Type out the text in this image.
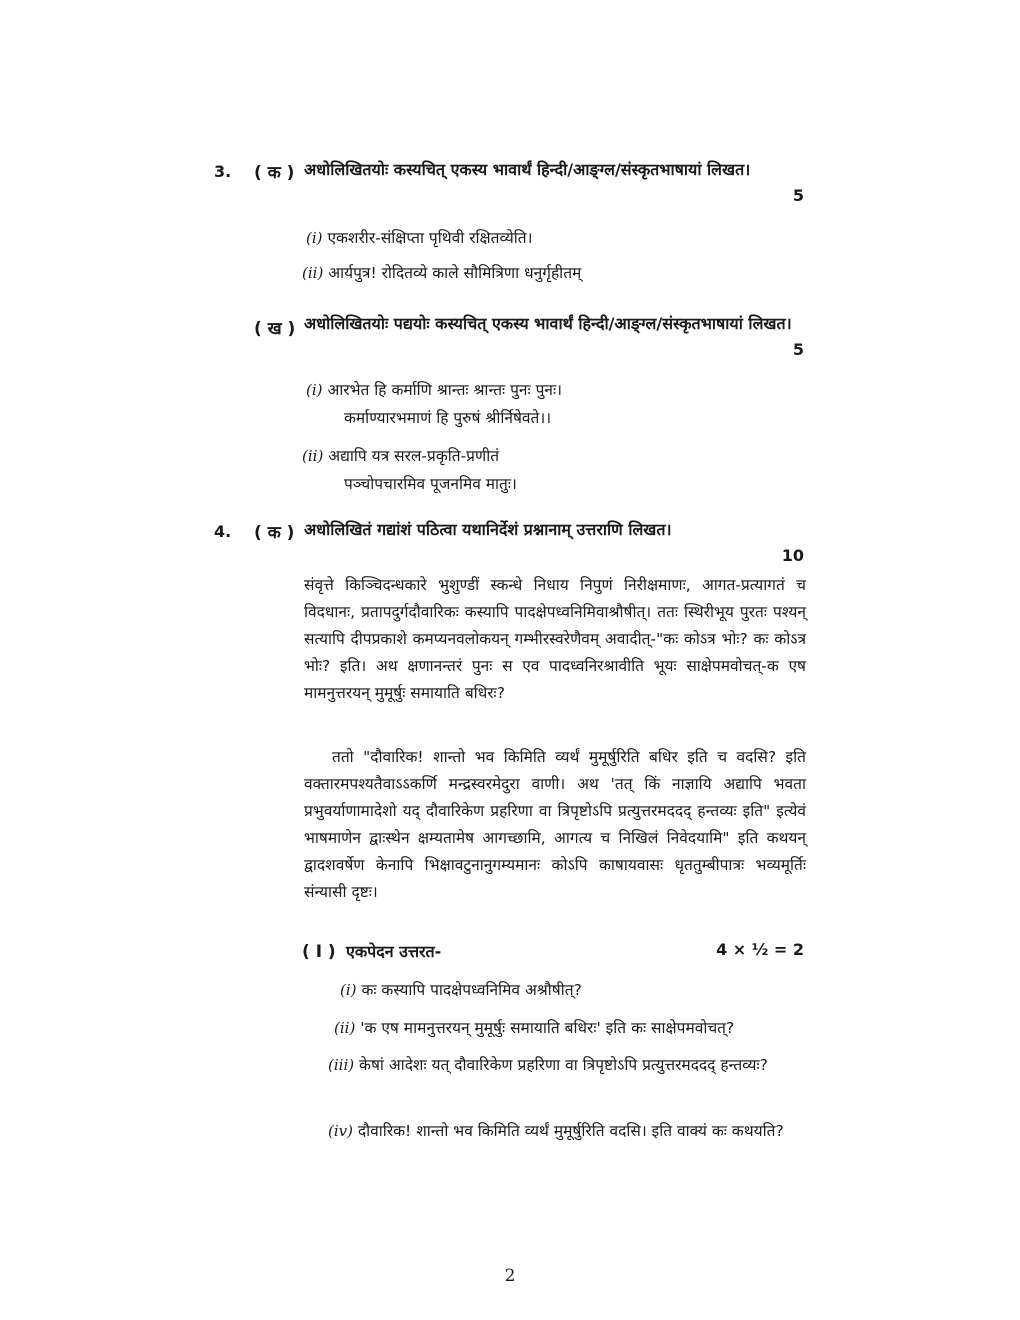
3. ( क ) अधोलिखितयोः कस्यचित् एकस्य भावार्थं हिन्दी/आङ्ग्ल/संस्कृतभाषायां लिखत।
5
(i) एकशरीर-संक्षिप्ता पृथिवी रक्षितव्येति।
(ii) आर्यपुत्र! रोदितव्ये काले सौमित्रिणा धनुर्गृहीतम्
( ख ) अधोलिखितयोः पद्ययोः कस्यचित् एकस्य भावार्थं हिन्दी/आङ्ग्ल/संस्कृतभाषायां लिखत।
5
(i) आरभेत हि कर्माणि श्रान्तः श्रान्तः पुनः पुनः।
कर्माण्यारभमाणं हि पुरुषं श्रीर्निषेवते।।
(ii) अद्यापि यत्र सरल-प्रकृति-प्रणीतं
पञ्चोपचारमिव पूजनमिव मातुः।
4. ( क ) अधोलिखितं गद्यांशं पठित्वा यथानिर्देशं प्रश्नानाम् उत्तराणि लिखत।
10
संवृत्ते किञ्चिदन्धकारे भुशुण्डीं स्कन्धे निधाय निपुणं निरीक्षमाणः, आगत-प्रत्यागतं च विदधानः, प्रतापदुर्गदौवारिकः कस्यापि पादक्षेपध्वनिमिवाश्रौषीत्। ततः स्थिरीभूय पुरतः पश्यन् सत्यापि दीपप्रकाशे कमप्यनवलोकयन् गम्भीरस्वरेणैवम् अवादीत्-"कः कोऽत्र भोः? कः कोऽत्र भोः? इति। अथ क्षणानन्तरं पुनः स एव पादध्वनिरश्रावीति भूयः साक्षेपमवोचत्-क एष मामनुत्तरयन् मुमूर्षुः समायाति बधिरः?
ततो "दौवारिक! शान्तो भव किमिति व्यर्थं मुमूर्षुरिति बधिर इति च वदसि? इति वक्तारमपश्यतैवाऽऽकर्णि मन्द्रस्वरमेदुरा वाणी। अथ 'तत् किं नाज्ञायि अद्यापि भवता प्रभुवर्याणामादेशो यद् दौवारिकेण प्रहरिणा वा त्रिपृष्टोऽपि प्रत्युत्तरमददद् हन्तव्यः इति" इत्येवं भाषमाणेन द्वाःस्थेन क्षम्यतामेष आगच्छामि, आगत्य च निखिलं निवेदयामि" इति कथयन् द्वादशवर्षेण केनापि भिक्षावटुनानुगम्यमानः कोऽपि काषायवासः धृततुम्बीपात्रः भव्यमूर्तिः संन्यासी दृष्टः।
( I ) एकपेदन उत्तरत-	4 × ½ = 2
(i) कः कस्यापि पादक्षेपध्वनिमिव अश्रौषीत्?
(ii) 'क एष मामनुत्तरयन् मुमूर्षुः समायाति बधिरः' इति कः साक्षेपमवोचत्?
(iii) केषां आदेशः यत् दौवारिकेण प्रहरिणा वा त्रिपृष्टोऽपि प्रत्युत्तरमददद् हन्तव्यः?
(iv) दौवारिक! शान्तो भव किमिति व्यर्थं मुमूर्षुरिति वदसि। इति वाक्यं कः कथयति?
2
